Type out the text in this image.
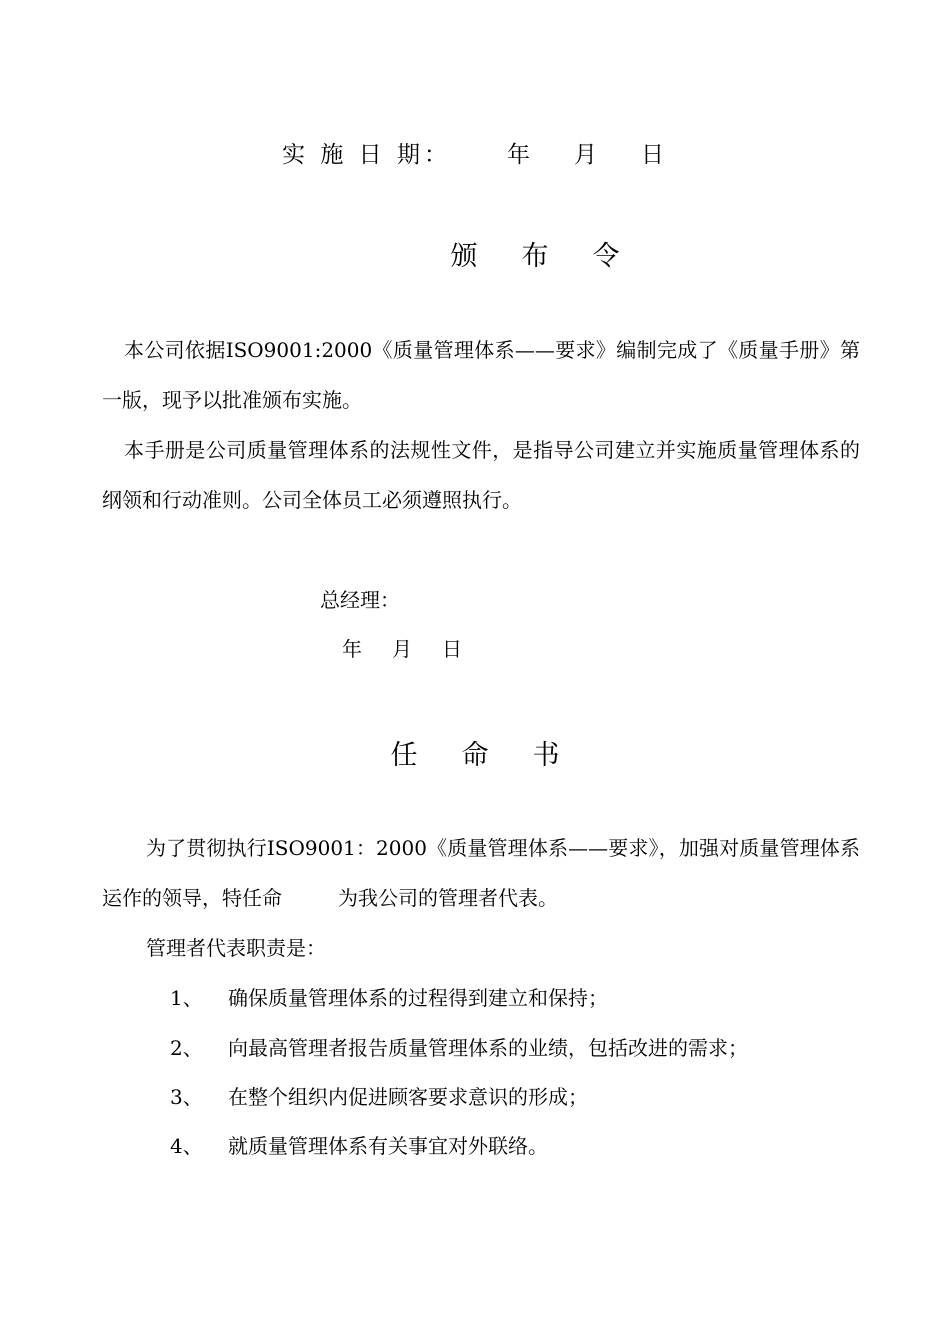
实 施 日 期： 年 月 日
颁布令
本公司依据ISO9001:2000《质量管理体系——要求》编制完成了《质量手册》第一版，现予以批准颁布实施。
本手册是公司质量管理体系的法规性文件，是指导公司建立并实施质量管理体系的纲领和行动准则。公司全体员工必须遵照执行。
总经理：
年 月 日
任命书
为了贯彻执行ISO9001：2000《质量管理体系——要求》，加强对质量管理体系运作的领导，特任命	为我公司的管理者代表。
管理者代表职责是：
1、 确保质量管理体系的过程得到建立和保持；
2、 向最高管理者报告质量管理体系的业绩，包括改进的需求；
3、 在整个组织内促进顾客要求意识的形成；
4、 就质量管理体系有关事宜对外联络。
